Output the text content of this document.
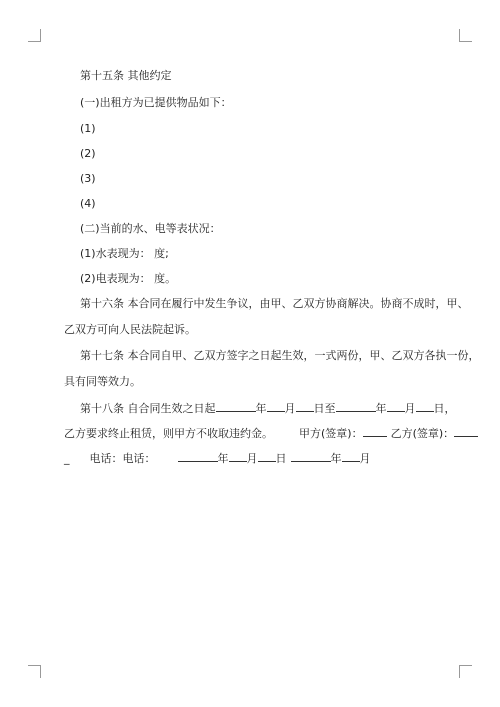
第十五条 其他约定
(一)出租方为已提供物品如下：
(1)
(2)
(3)
(4)
(二)当前的水、电等表状况：
(1)水表现为： 度;
(2)电表现为： 度。
第十六条 本合同在履行中发生争议，由甲、乙双方协商解决。协商不成时，甲、
乙双方可向人民法院起诉。
第十七条 本合同自甲、乙双方签字之日起生效，一式两份，甲、乙双方各执一份，
具有同等效力。
第十八条 自合同生效之日起	年 月 日至	年 月 日，
乙方要求终止租赁，则甲方不收取违约金。 甲方(签章)：	乙方(签章)：
_ 电话：电话：	年 月 日	年 月
